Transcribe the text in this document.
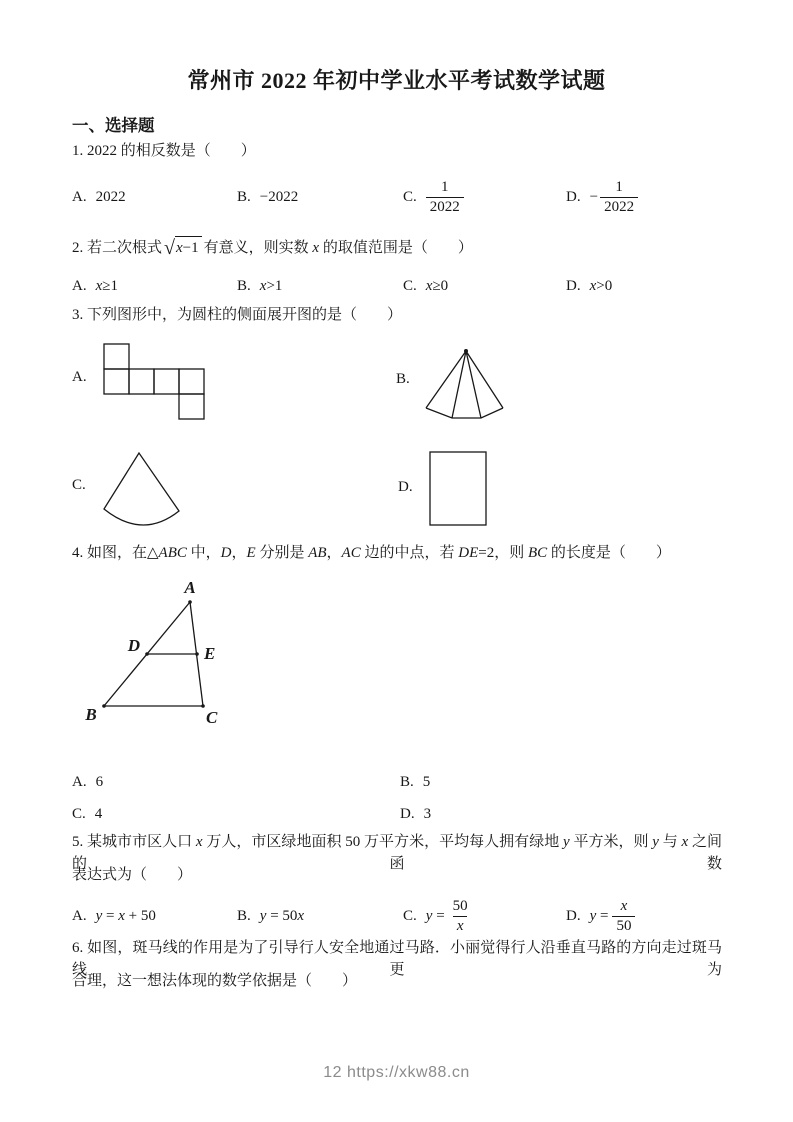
常州市 2022 年初中学业水平考试数学试题
一、选择题
1. 2022 的相反数是（　　）
A. 2022	B. −2022	C. $\frac{1}{2022}$	D. − $\frac{1}{2022}$
2. 若二次根式 √ x−1 有意义，则实数 x 的取值范围是（　　）
A. x≥1	B. x>1	C. x≥0	D. x>0
3. 下列图形中，为圆柱的侧面展开图的是（　　）
A.	B.
C.	D.
4. 如图，在△ABC 中，D，E 分别是 AB，AC 边的中点，若 DE=2，则 BC 的长度是（　　）
A
B	C
D	E
A. 6	B. 5
C. 4	D. 3
5. 某城市市区人口 x 万人，市区绿地面积 50 万平方米，平均每人拥有绿地 y 平方米，则 y 与 x 之间的函数
表达式为（　　）
A. y = x + 50	B. y = 50x	C. $y = \frac{50}{x}$	D. $y = \frac{x}{50}$
6. 如图，斑马线的作用是为了引导行人安全地通过马路．小丽觉得行人沿垂直马路的方向走过斑马线更为
合理，这一想法体现的数学依据是（　　）
12 https://xkw88.cn
